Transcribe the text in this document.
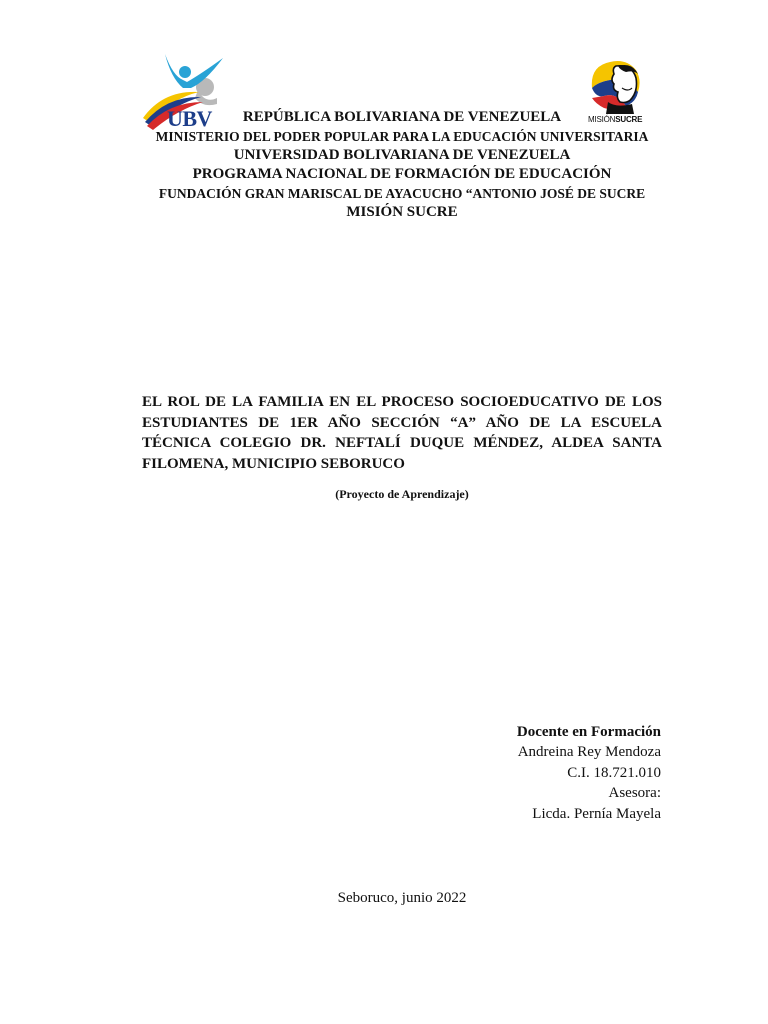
UBV	MISIÓNSUCRE
REPÚBLICA BOLIVARIANA DE VENEZUELA
MINISTERIO DEL PODER POPULAR PARA LA EDUCACIÓN UNIVERSITARIA
UNIVERSIDAD BOLIVARIANA DE VENEZUELA
PROGRAMA NACIONAL DE FORMACIÓN DE EDUCACIÓN
FUNDACIÓN GRAN MARISCAL DE AYACUCHO “ANTONIO JOSÉ DE SUCRE
MISIÓN SUCRE
EL ROL DE LA FAMILIA EN EL PROCESO SOCIOEDUCATIVO DE LOS ESTUDIANTES DE 1ER AÑO SECCIÓN “A” AÑO DE LA ESCUELA TÉCNICA COLEGIO DR. NEFTALÍ DUQUE MÉNDEZ, ALDEA SANTA FILOMENA, MUNICIPIO SEBORUCO
(Proyecto de Aprendizaje)
Docente en Formación
Andreina Rey Mendoza
C.I. 18.721.010
Asesora:
Licda. Pernía Mayela
Seboruco, junio 2022
